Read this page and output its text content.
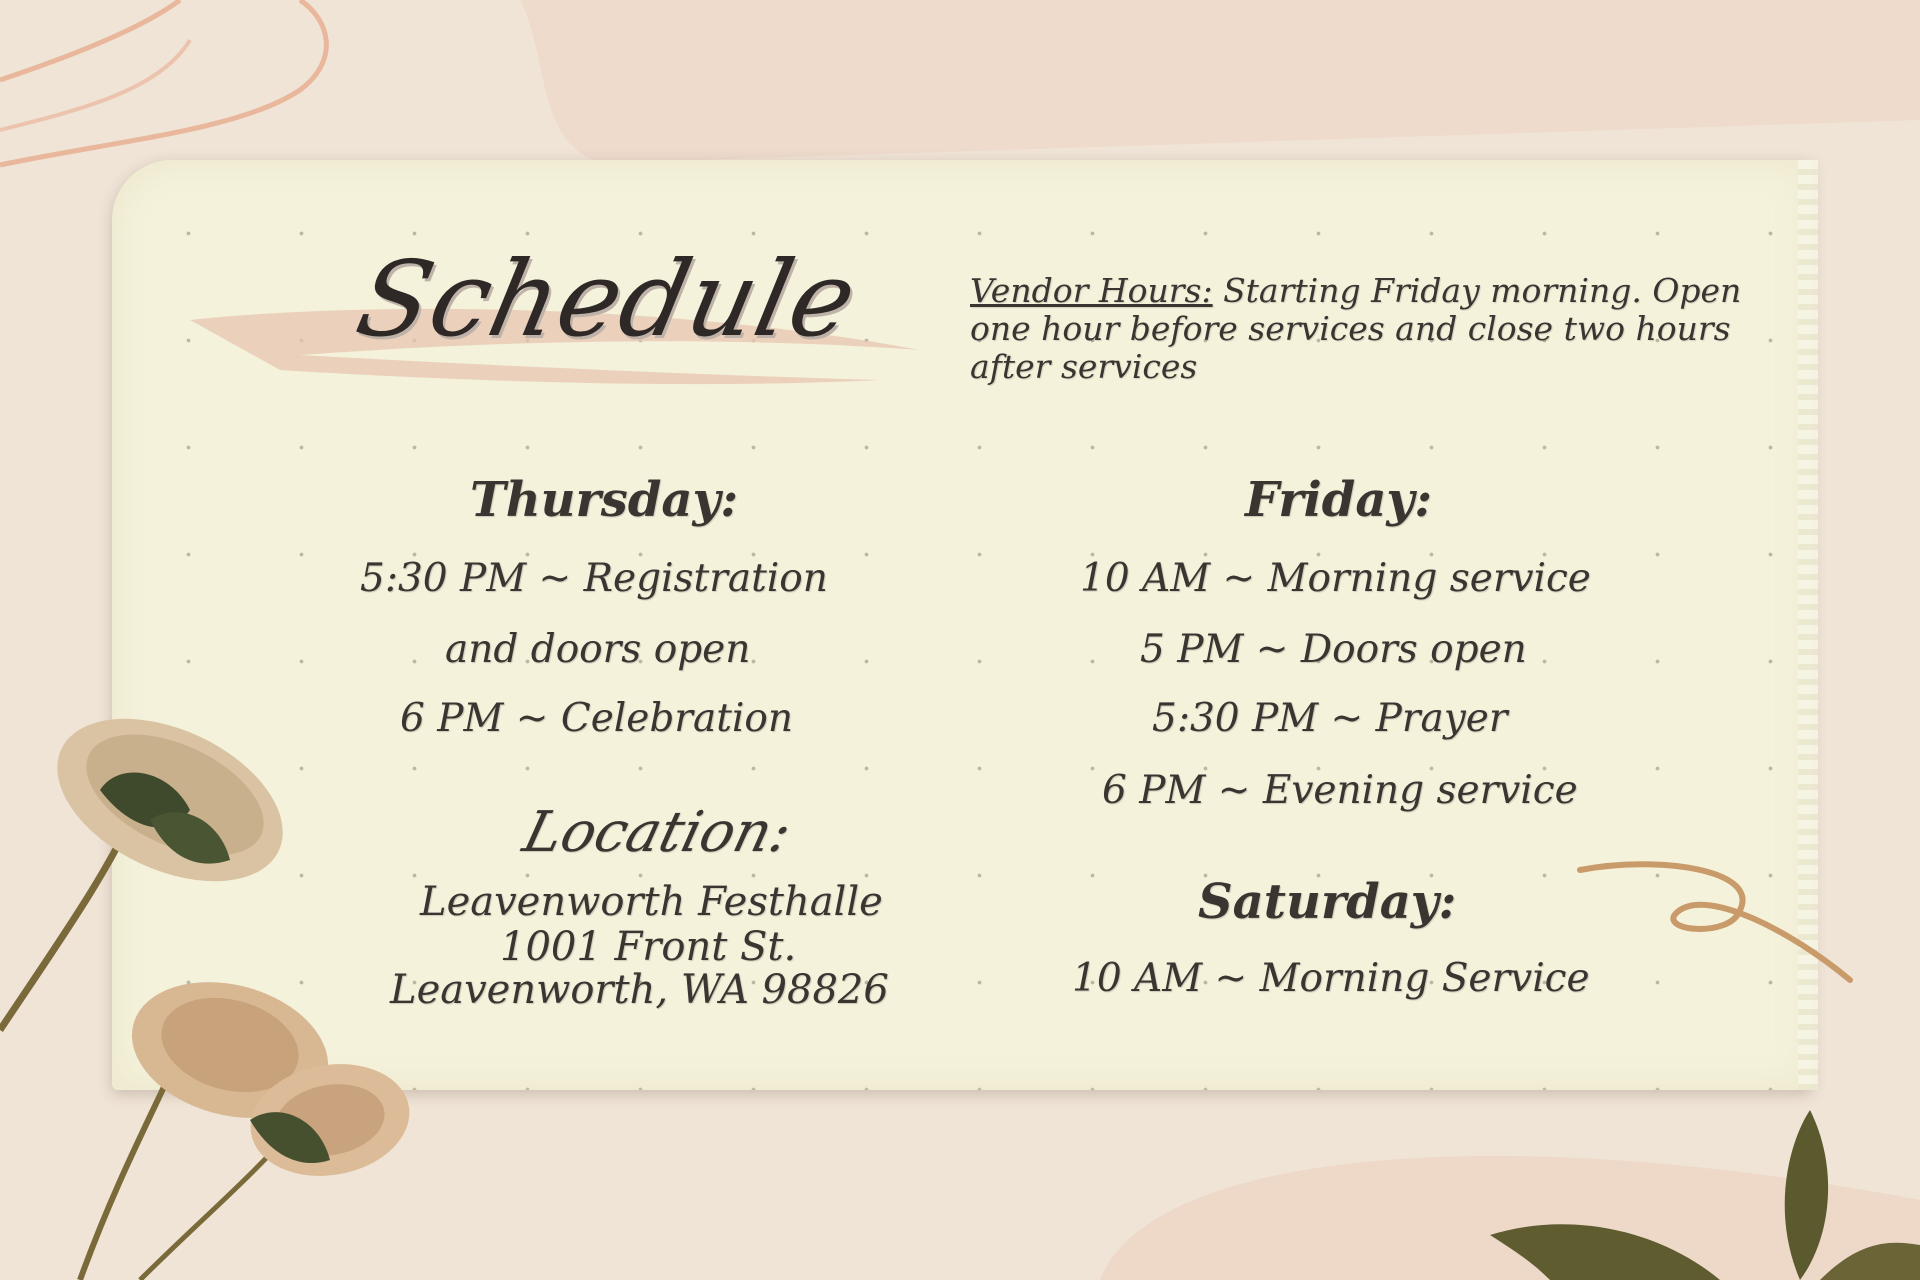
Schedule	Vendor Hours: Starting Friday morning. Open one hour before services and close two hours after services
Thursday:
5:30 PM ~ Registration
and doors open
6 PM ~ Celebration
Location:
Leavenworth Festhalle
1001 Front St.
Leavenworth, WA 98826
Friday:
10 AM ~ Morning service
5 PM ~ Doors open
5:30 PM ~ Prayer
6 PM ~ Evening service
Saturday:
10 AM ~ Morning Service
